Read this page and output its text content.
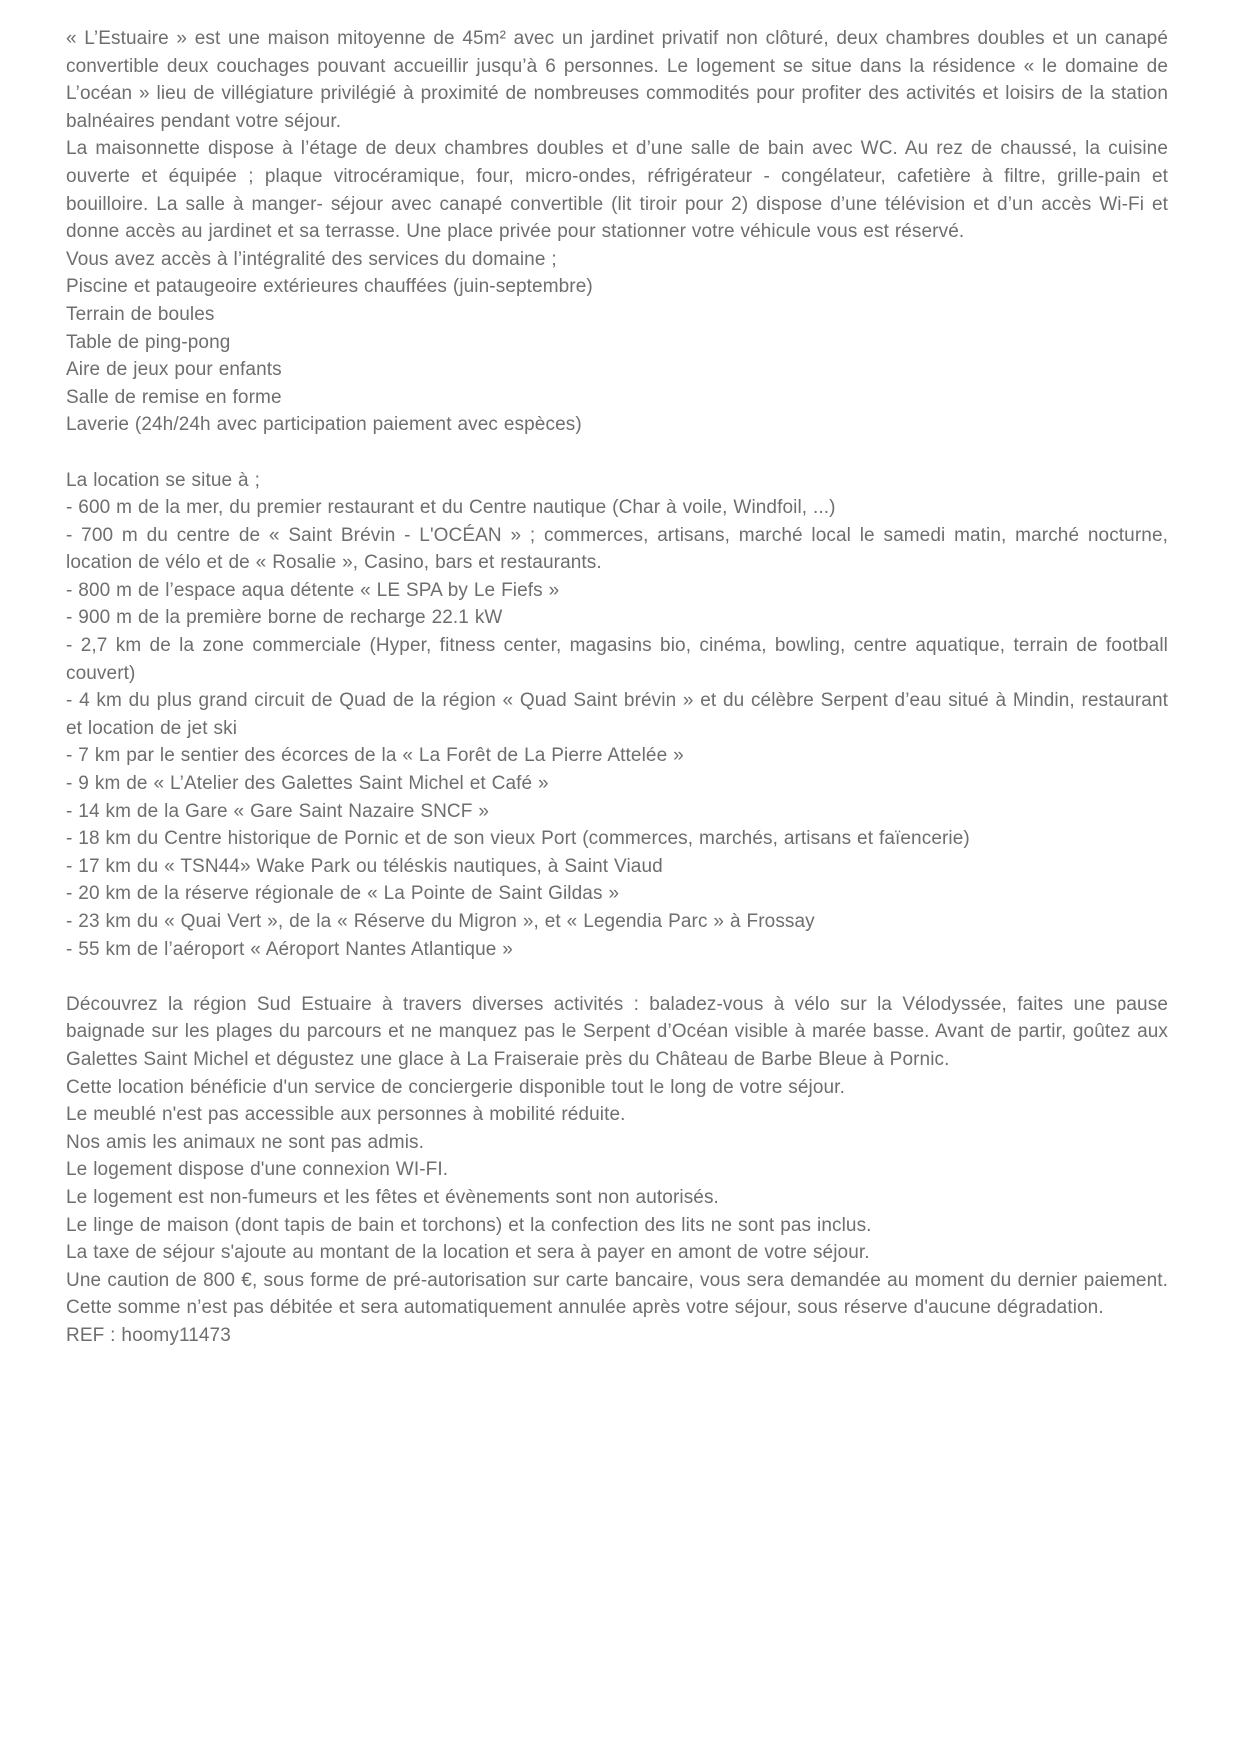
« L’Estuaire » est une maison mitoyenne de 45m² avec un jardinet privatif non clôturé, deux chambres doubles et un canapé convertible deux couchages pouvant accueillir jusqu’à 6 personnes. Le logement se situe dans la résidence « le domaine de L’océan » lieu de villégiature privilégié à proximité de nombreuses commodités pour profiter des activités et loisirs de la station balnéaires pendant votre séjour.

La maisonnette dispose à l’étage de deux chambres doubles et d’une salle de bain avec WC. Au rez de chaussé, la cuisine ouverte et équipée ; plaque vitrocéramique, four, micro-ondes, réfrigérateur - congélateur, cafetière à filtre, grille-pain et bouilloire. La salle à manger- séjour avec canapé convertible (lit tiroir pour 2) dispose d’une télévision et d’un accès Wi-Fi et donne accès au jardinet et sa terrasse. Une place privée pour stationner votre véhicule vous est réservé.

Vous avez accès à l’intégralité des services du domaine ;

Piscine et pataugeoire extérieures chauffées (juin-septembre)

Terrain de boules

Table de ping-pong

Aire de jeux pour enfants

Salle de remise en forme

Laverie (24h/24h avec participation paiement avec espèces)

La location se situe à ;

- 600 m de la mer, du premier restaurant et du Centre nautique (Char à voile, Windfoil, ...)

- 700 m du centre de « Saint Brévin - L'OCÉAN » ; commerces, artisans, marché local le samedi matin, marché nocturne, location de vélo et de « Rosalie », Casino, bars et restaurants.

- 800 m de l’espace aqua détente « LE SPA by Le Fiefs »

- 900 m de la première borne de recharge 22.1 kW

- 2,7 km de la zone commerciale (Hyper, fitness center, magasins bio, cinéma, bowling, centre aquatique, terrain de football couvert)

- 4 km du plus grand circuit de Quad de la région « Quad Saint brévin » et du célèbre Serpent d’eau situé à Mindin, restaurant et location de jet ski

- 7 km par le sentier des écorces de la « La Forêt de La Pierre Attelée »

- 9 km de « L’Atelier des Galettes Saint Michel et Café »

- 14 km de la Gare « Gare Saint Nazaire SNCF »

- 18 km du Centre historique de Pornic et de son vieux Port (commerces, marchés, artisans et faïencerie)

- 17 km du « TSN44» Wake Park ou téléskis nautiques, à Saint Viaud

- 20 km de la réserve régionale de « La Pointe de Saint Gildas »

- 23 km du « Quai Vert », de la « Réserve du Migron », et « Legendia Parc » à Frossay

- 55 km de l’aéroport « Aéroport Nantes Atlantique »

Découvrez la région Sud Estuaire à travers diverses activités : baladez-vous à vélo sur la Vélodyssée, faites une pause baignade sur les plages du parcours et ne manquez pas le Serpent d’Océan visible à marée basse. Avant de partir, goûtez aux Galettes Saint Michel et dégustez une glace à La Fraiseraie près du Château de Barbe Bleue à Pornic.

Cette location bénéficie d'un service de conciergerie disponible tout le long de votre séjour.

Le meublé n'est pas accessible aux personnes à mobilité réduite.

Nos amis les animaux ne sont pas admis.

Le logement dispose d'une connexion WI-FI.

Le logement est non-fumeurs et les fêtes et évènements sont non autorisés.

Le linge de maison (dont tapis de bain et torchons) et la confection des lits ne sont pas inclus.

La taxe de séjour s'ajoute au montant de la location et sera à payer en amont de votre séjour.

Une caution de 800 €, sous forme de pré-autorisation sur carte bancaire, vous sera demandée au moment du dernier paiement. Cette somme n’est pas débitée et sera automatiquement annulée après votre séjour, sous réserve d'aucune dégradation.

REF : hoomy11473
